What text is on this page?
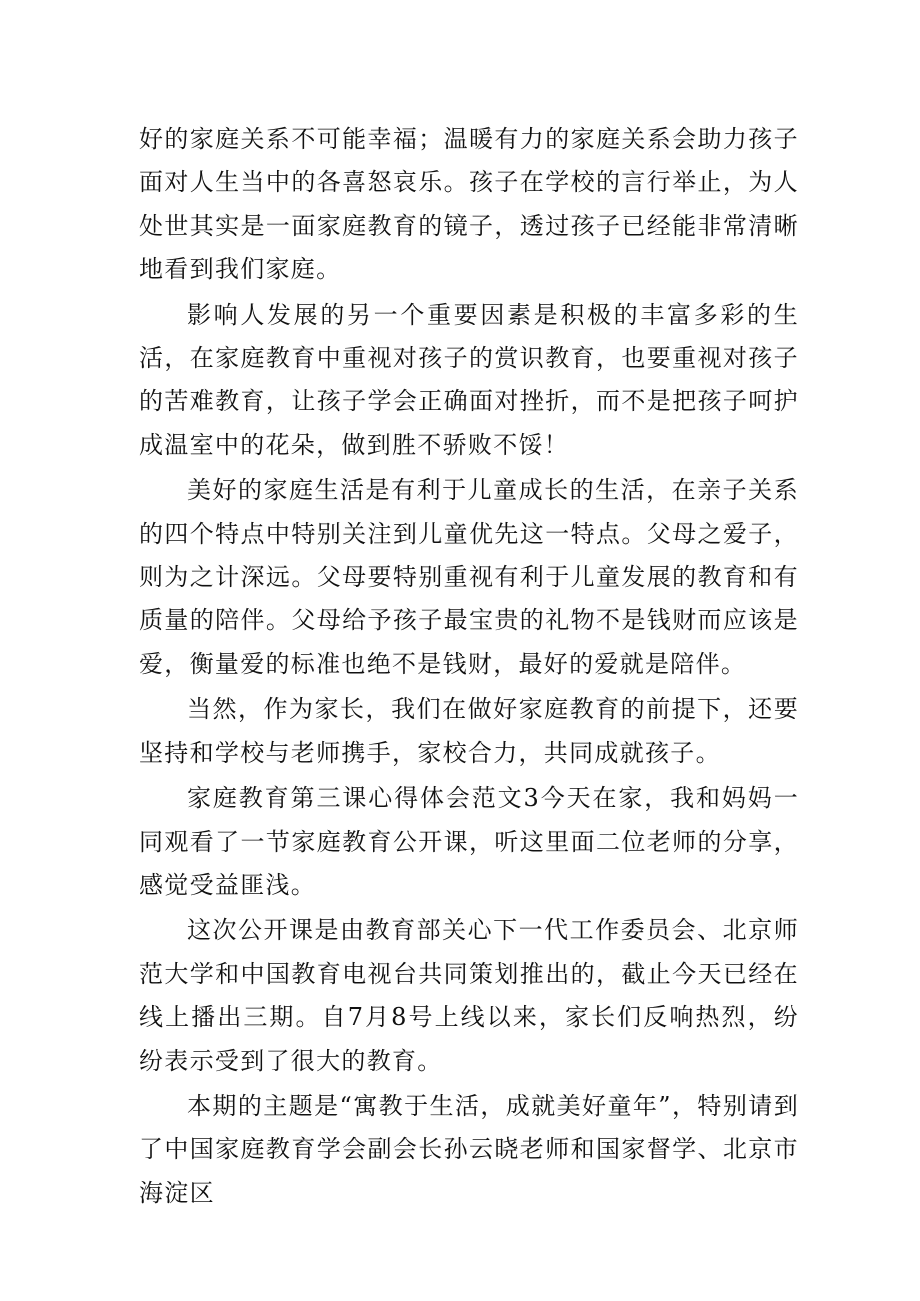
好的家庭关系不可能幸福；温暖有力的家庭关系会助力孩子面对人生当中的各喜怒哀乐。孩子在学校的言行举止，为人处世其实是一面家庭教育的镜子，透过孩子已经能非常清晰地看到我们家庭。

影响人发展的另一个重要因素是积极的丰富多彩的生活，在家庭教育中重视对孩子的赏识教育，也要重视对孩子的苦难教育，让孩子学会正确面对挫折，而不是把孩子呵护成温室中的花朵，做到胜不骄败不馁！

美好的家庭生活是有利于儿童成长的生活，在亲子关系的四个特点中特别关注到儿童优先这一特点。父母之爱子，则为之计深远。父母要特别重视有利于儿童发展的教育和有质量的陪伴。父母给予孩子最宝贵的礼物不是钱财而应该是爱，衡量爱的标准也绝不是钱财，最好的爱就是陪伴。

当然，作为家长，我们在做好家庭教育的前提下，还要坚持和学校与老师携手，家校合力，共同成就孩子。

家庭教育第三课心得体会范文3今天在家，我和妈妈一同观看了一节家庭教育公开课，听这里面二位老师的分享，感觉受益匪浅。

这次公开课是由教育部关心下一代工作委员会、北京师范大学和中国教育电视台共同策划推出的，截止今天已经在线上播出三期。自7月8号上线以来，家长们反响热烈，纷纷表示受到了很大的教育。

本期的主题是“寓教于生活，成就美好童年”，特别请到了中国家庭教育学会副会长孙云晓老师和国家督学、北京市海淀区
